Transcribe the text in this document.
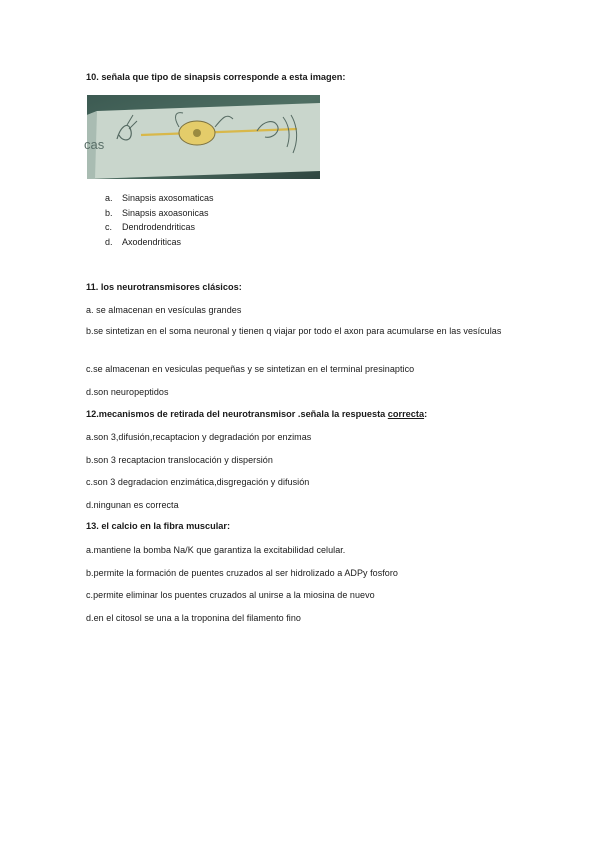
10. señala que tipo de sinapsis corresponde a esta imagen:
cas
a. Sinapsis axosomaticas
b. Sinapsis axoasonicas
c. Dendrodendriticas
d. Axodendriticas
11. los neurotransmisores clásicos:
a. se almacenan en vesículas grandes
b.se sintetizan en el soma neuronal y tienen q viajar por todo el axon para acumularse en las vesículas
c.se almacenan en vesiculas pequeñas y se sintetizan en el terminal presinaptico
d.son neuropeptidos
12.mecanismos de retirada del neurotransmisor .señala la respuesta correcta:
a.son 3,difusión,recaptacion y degradación por enzimas
b.son 3 recaptacion translocación y dispersión
c.son 3 degradacion enzimática,disgregación y difusión
d.ningunan es correcta
13. el calcio en la fibra muscular:
a.mantiene la bomba Na/K que garantiza la excitabilidad celular.
b.permite la formación de puentes cruzados al ser hidrolizado a ADPy fosforo
c.permite eliminar los puentes cruzados al unirse a la miosina de nuevo
d.en el citosol se una a la troponina del filamento fino
